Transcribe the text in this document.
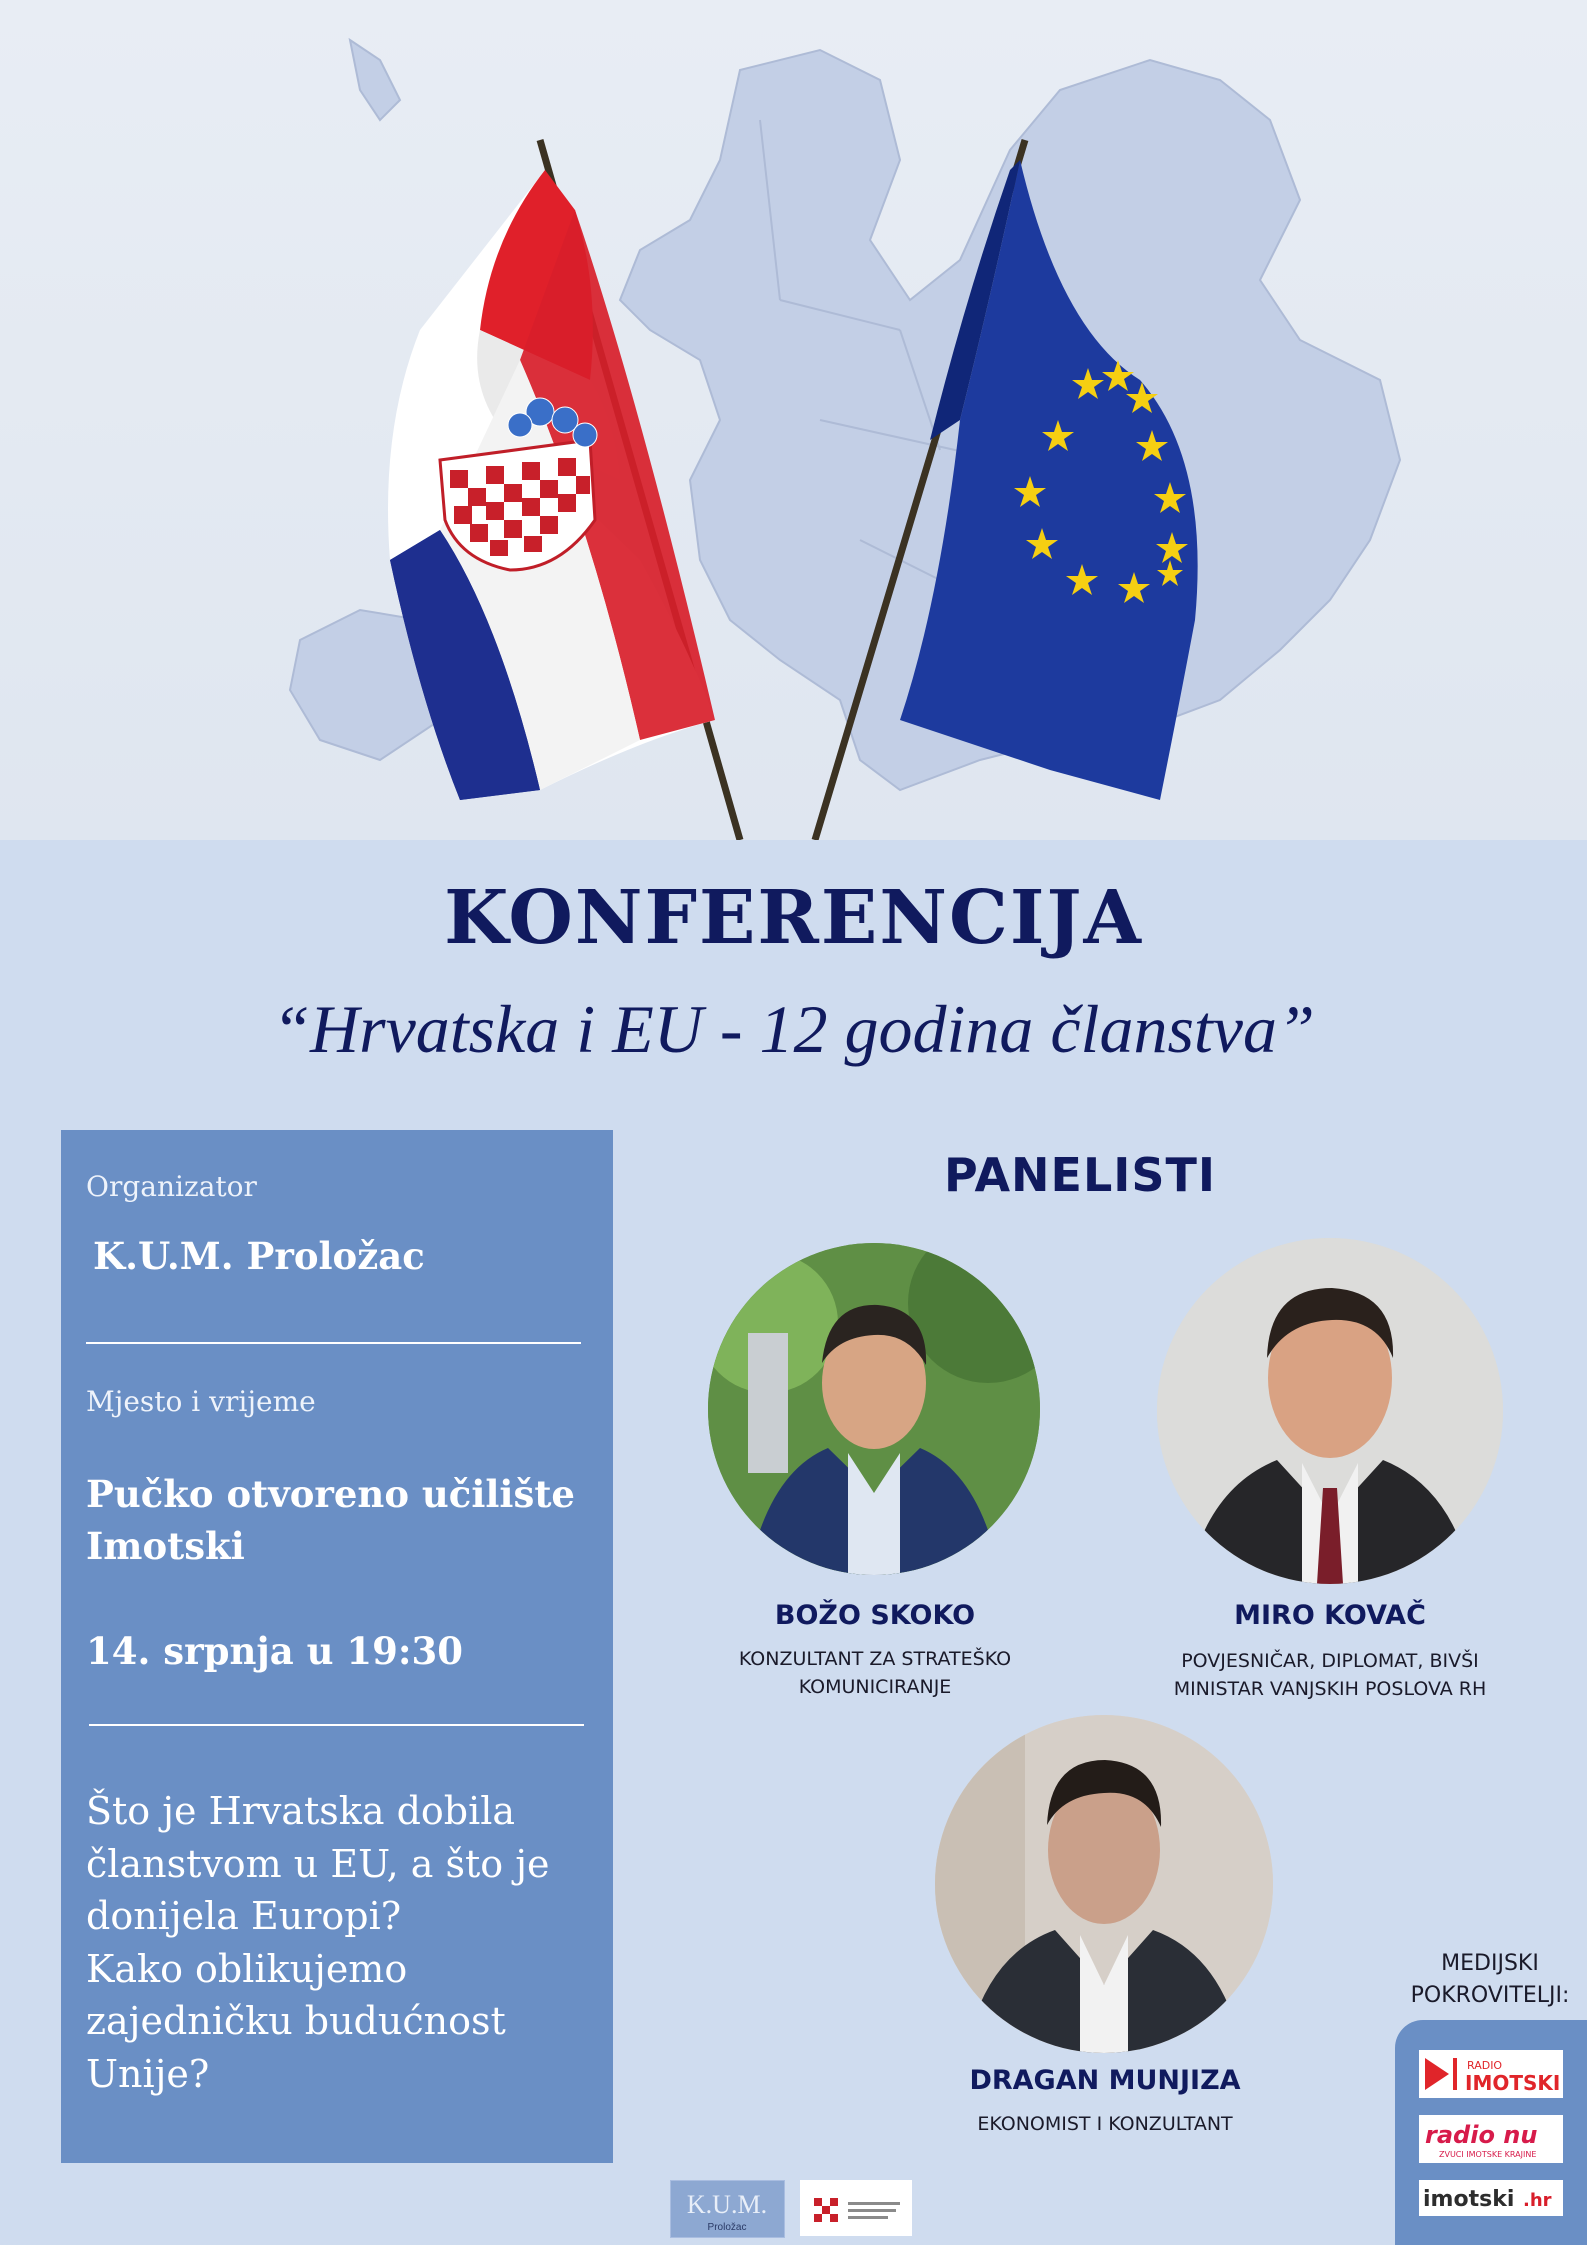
KONFERENCIJA
“Hrvatska i EU - 12 godina članstva”
Organizator
K.U.M. Proložac
Mjesto i vrijeme
Pučko otvoreno učilište
Imotski
14. srpnja u 19:30
Što je Hrvatska dobila
članstvom u EU, a što je
donijela Europi?
Kako oblikujemo
zajedničku budućnost
Unije?
PANELISTI
BOŽO SKOKO
KONZULTANT ZA STRATEŠKO
KOMUNICIRANJE
MIRO KOVAČ
POVJESNIČAR, DIPLOMAT, BIVŠI
MINISTAR VANJSKIH POSLOVA RH
DRAGAN MUNJIZA
EKONOMIST I KONZULTANT
MEDIJSKI
POKROVITELJI:
RADIO
IMOTSKI
radio nu
ZVUCI IMOTSKE KRAJINE
imotski .hr
K.U.M.
Proložac
